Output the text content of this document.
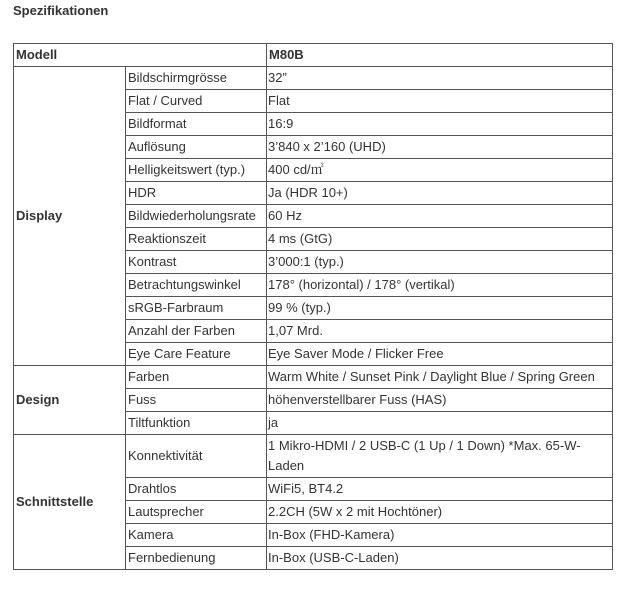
Spezifikationen
Modell		M80B
Display	Bildschirmgrösse	32”
	Flat / Curved	Flat
	Bildformat	16:9
	Auflösung	3’840 x 2’160 (UHD)
	Helligkeitswert (typ.)	400 cd/㎡
	HDR	Ja (HDR 10+)
	Bildwiederholungsrate	60 Hz
	Reaktionszeit	4 ms (GtG)
	Kontrast	3’000:1 (typ.)
	Betrachtungswinkel	178° (horizontal) / 178° (vertikal)
	sRGB-Farbraum	99 % (typ.)
	Anzahl der Farben	1,07 Mrd.
	Eye Care Feature	Eye Saver Mode / Flicker Free
Design	Farben	Warm White / Sunset Pink / Daylight Blue / Spring Green
	Fuss	höhenverstellbarer Fuss (HAS)
	Tiltfunktion	ja
Schnittstelle	Konnektivität	1 Mikro-HDMI / 2 USB-C (1 Up / 1 Down) *Max. 65-W-Laden
	Drahtlos	WiFi5, BT4.2
	Lautsprecher	2.2CH (5W x 2 mit Hochtöner)
	Kamera	In-Box (FHD-Kamera)
	Fernbedienung	In-Box (USB-C-Laden)
